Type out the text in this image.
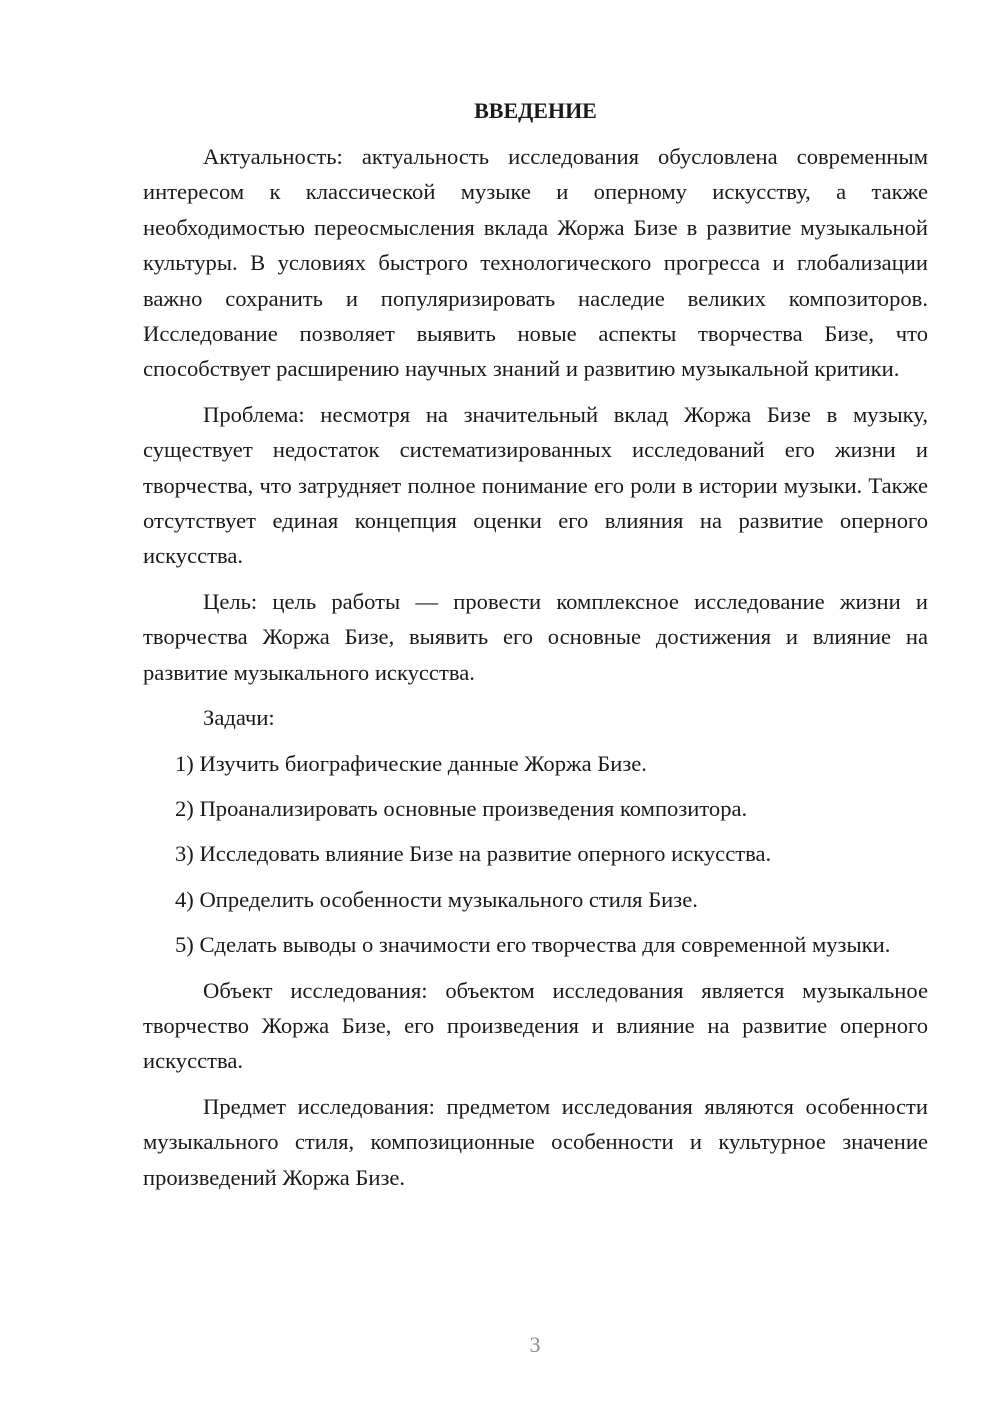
ВВЕДЕНИЕ

Актуальность: актуальность исследования обусловлена современным интересом к классической музыке и оперному искусству, а также необходимостью переосмысления вклада Жоржа Бизе в развитие музыкальной культуры. В условиях быстрого технологического прогресса и глобализации важно сохранить и популяризировать наследие великих композиторов. Исследование позволяет выявить новые аспекты творчества Бизе, что способствует расширению научных знаний и развитию музыкальной критики.

Проблема: несмотря на значительный вклад Жоржа Бизе в музыку, существует недостаток систематизированных исследований его жизни и творчества, что затрудняет полное понимание его роли в истории музыки. Также отсутствует единая концепция оценки его влияния на развитие оперного искусства.

Цель: цель работы — провести комплексное исследование жизни и творчества Жоржа Бизе, выявить его основные достижения и влияние на развитие музыкального искусства.

Задачи:

1) Изучить биографические данные Жоржа Бизе.

2) Проанализировать основные произведения композитора.

3) Исследовать влияние Бизе на развитие оперного искусства.

4) Определить особенности музыкального стиля Бизе.

5) Сделать выводы о значимости его творчества для современной музыки.

Объект исследования: объектом исследования является музыкальное творчество Жоржа Бизе, его произведения и влияние на развитие оперного искусства.

Предмет исследования: предметом исследования являются особенности музыкального стиля, композиционные особенности и культурное значение произведений Жоржа Бизе.

3
